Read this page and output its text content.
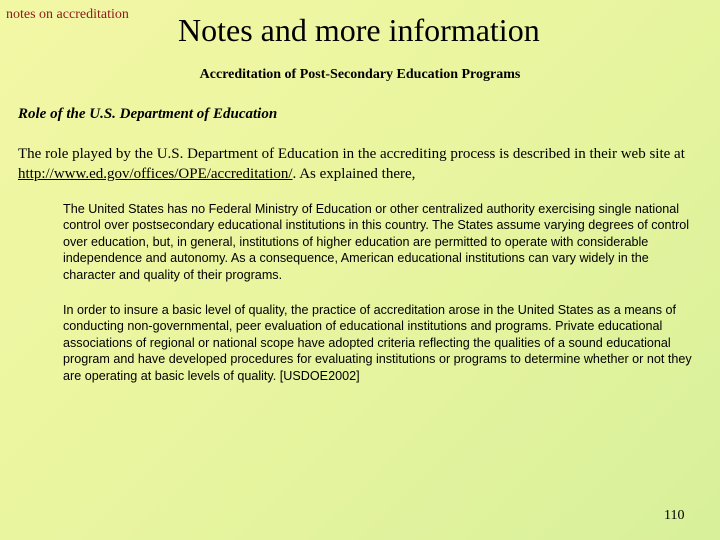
notes on accreditation Notes and more information
Accreditation of Post-Secondary Education Programs
Role of the U.S. Department of Education
The role played by the U.S. Department of Education in the accrediting process is described in their web site at http://www.ed.gov/offices/OPE/accreditation/. As explained there,
The United States has no Federal Ministry of Education or other centralized authority exercising single national control over postsecondary educational institutions in this country. The States assume varying degrees of control over education, but, in general, institutions of higher education are permitted to operate with considerable independence and autonomy. As a consequence, American educational institutions can vary widely in the character and quality of their programs.
In order to insure a basic level of quality, the practice of accreditation arose in the United States as a means of conducting non-governmental, peer evaluation of educational institutions and programs. Private educational associations of regional or national scope have adopted criteria reflecting the qualities of a sound educational program and have developed procedures for evaluating institutions or programs to determine whether or not they are operating at basic levels of quality. [USDOE2002]
110
